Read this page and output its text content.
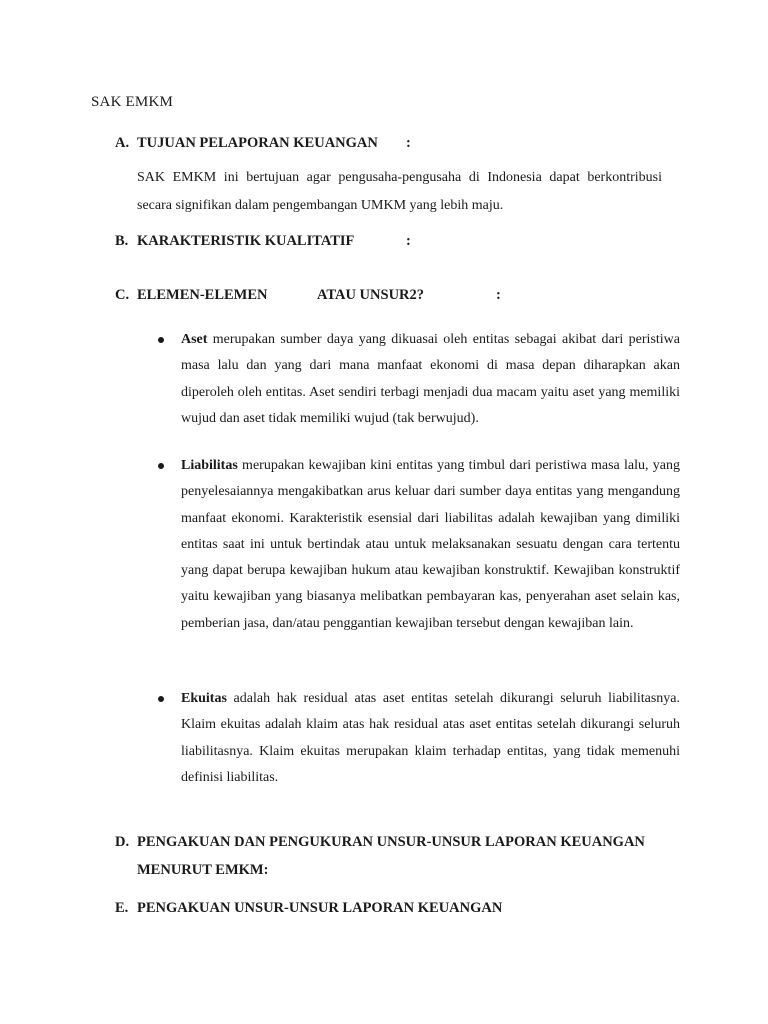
SAK EMKM
A. TUJUAN PELAPORAN KEUANGAN :
SAK EMKM ini bertujuan agar pengusaha-pengusaha di Indonesia dapat berkontribusi secara signifikan dalam pengembangan UMKM yang lebih maju.
B. KARAKTERISTIK KUALITATIF	:
C. ELEMEN-ELEMEN	ATAU UNSUR2?	:
Aset merupakan sumber daya yang dikuasai oleh entitas sebagai akibat dari peristiwa masa lalu dan yang dari mana manfaat ekonomi di masa depan diharapkan akan diperoleh oleh entitas. Aset sendiri terbagi menjadi dua macam yaitu aset yang memiliki wujud dan aset tidak memiliki wujud (tak berwujud).
Liabilitas merupakan kewajiban kini entitas yang timbul dari peristiwa masa lalu, yang penyelesaiannya mengakibatkan arus keluar dari sumber daya entitas yang mengandung manfaat ekonomi. Karakteristik esensial dari liabilitas adalah kewajiban yang dimiliki entitas saat ini untuk bertindak atau untuk melaksanakan sesuatu dengan cara tertentu yang dapat berupa kewajiban hukum atau kewajiban konstruktif. Kewajiban konstruktif yaitu kewajiban yang biasanya melibatkan pembayaran kas, penyerahan aset selain kas, pemberian jasa, dan/atau penggantian kewajiban tersebut dengan kewajiban lain.
Ekuitas adalah hak residual atas aset entitas setelah dikurangi seluruh liabilitasnya. Klaim ekuitas adalah klaim atas hak residual atas aset entitas setelah dikurangi seluruh liabilitasnya. Klaim ekuitas merupakan klaim terhadap entitas, yang tidak memenuhi definisi liabilitas.
D. PENGAKUAN DAN PENGUKURAN UNSUR-UNSUR LAPORAN KEUANGAN
MENURUT EMKM:
E. PENGAKUAN UNSUR-UNSUR LAPORAN KEUANGAN
